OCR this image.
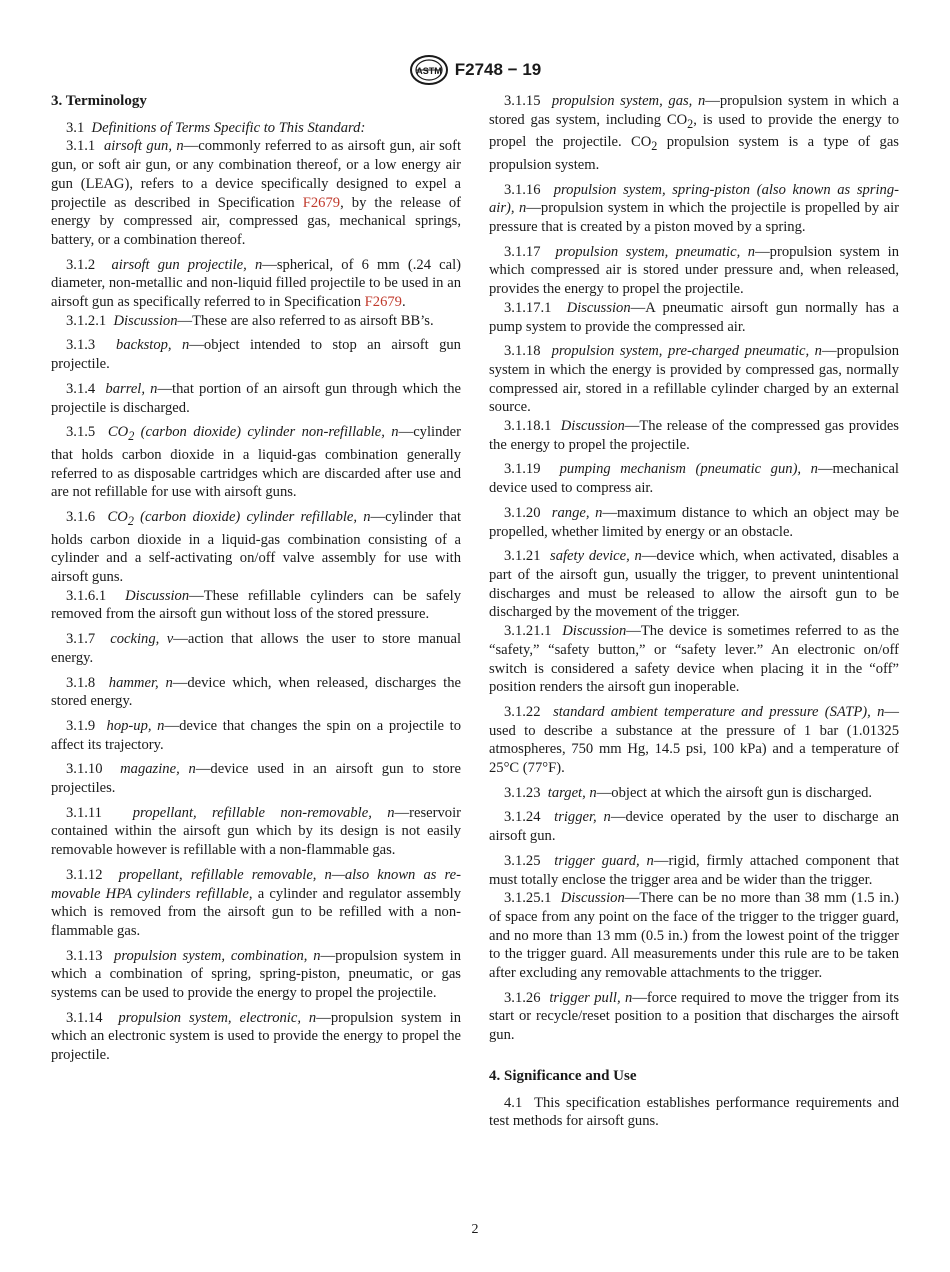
ASTM F2748 − 19

3. Terminology

3.1 Definitions of Terms Specific to This Standard:

3.1.1 airsoft gun, n—commonly referred to as airsoft gun, air soft gun, or soft air gun, or any combination thereof, or a low energy air gun (LEAG), refers to a device specifically designed to expel a projectile as described in Specification F2679, by the release of energy by compressed air, compressed gas, mechanical springs, battery, or a combination thereof.

3.1.2 airsoft gun projectile, n—spherical, of 6 mm (.24 cal) diameter, non-metallic and non-liquid filled projectile to be used in an airsoft gun as specifically referred to in Specification F2679.

3.1.2.1 Discussion—These are also referred to as airsoft BB’s.

3.1.3 backstop, n—object intended to stop an airsoft gun projectile.

3.1.4 barrel, n—that portion of an airsoft gun through which the projectile is discharged.

3.1.5 $CO_2$ (carbon dioxide) cylinder non-refillable, n—cylinder that holds carbon dioxide in a liquid-gas combination generally referred to as disposable cartridges which are discarded after use and are not refillable for use with airsoft guns.

3.1.6 $CO_2$ (carbon dioxide) cylinder refillable, n—cylinder that holds carbon dioxide in a liquid-gas combination consisting of a cylinder and a self-activating on/off valve assembly for use with airsoft guns.

3.1.6.1 Discussion—These refillable cylinders can be safely removed from the airsoft gun without loss of the stored pressure.

3.1.7 cocking, v—action that allows the user to store manual energy.

3.1.8 hammer, n—device which, when released, discharges the stored energy.

3.1.9 hop-up, n—device that changes the spin on a projectile to affect its trajectory.

3.1.10 magazine, n—device used in an airsoft gun to store projectiles.

3.1.11 propellant, refillable non-removable, n—reservoir contained within the airsoft gun which by its design is not easily removable however is refillable with a non-flammable gas.

3.1.12 propellant, refillable removable, n—also known as re-movable HPA cylinders refillable, a cylinder and regulator assembly which is removed from the airsoft gun to be refilled with a non-flammable gas.

3.1.13 propulsion system, combination, n—propulsion system in which a combination of spring, spring-piston, pneumatic, or gas systems can be used to provide the energy to propel the projectile.

3.1.14 propulsion system, electronic, n—propulsion system in which an electronic system is used to provide the energy to propel the projectile.

3.1.15 propulsion system, gas, n—propulsion system in which a stored gas system, including $CO_2$, is used to provide the energy to propel the projectile. $CO_2$ propulsion system is a type of gas propulsion system.

3.1.16 propulsion system, spring-piston (also known as spring-air), n—propulsion system in which the projectile is propelled by air pressure that is created by a piston moved by a spring.

3.1.17 propulsion system, pneumatic, n—propulsion system in which compressed air is stored under pressure and, when released, provides the energy to propel the projectile.

3.1.17.1 Discussion—A pneumatic airsoft gun normally has a pump system to provide the compressed air.

3.1.18 propulsion system, pre-charged pneumatic, n—propulsion system in which the energy is provided by compressed gas, normally compressed air, stored in a refillable cylinder charged by an external source.

3.1.18.1 Discussion—The release of the compressed gas provides the energy to propel the projectile.

3.1.19 pumping mechanism (pneumatic gun), n—mechanical device used to compress air.

3.1.20 range, n—maximum distance to which an object may be propelled, whether limited by energy or an obstacle.

3.1.21 safety device, n—device which, when activated, disables a part of the airsoft gun, usually the trigger, to prevent unintentional discharges and must be released to allow the airsoft gun to be discharged by the movement of the trigger.

3.1.21.1 Discussion—The device is sometimes referred to as the “safety,” “safety button,” or “safety lever.” An electronic on/off switch is considered a safety device when placing it in the “off” position renders the airsoft gun inoperable.

3.1.22 standard ambient temperature and pressure (SATP), n—used to describe a substance at the pressure of 1 bar (1.01325 atmospheres, 750 mm Hg, 14.5 psi, 100 kPa) and a temperature of 25°C (77°F).

3.1.23 target, n—object at which the airsoft gun is discharged.

3.1.24 trigger, n—device operated by the user to discharge an airsoft gun.

3.1.25 trigger guard, n—rigid, firmly attached component that must totally enclose the trigger area and be wider than the trigger.

3.1.25.1 Discussion—There can be no more than 38 mm (1.5 in.) of space from any point on the face of the trigger to the trigger guard, and no more than 13 mm (0.5 in.) from the lowest point of the trigger to the trigger guard. All measurements under this rule are to be taken after excluding any removable attachments to the trigger.

3.1.26 trigger pull, n—force required to move the trigger from its start or recycle/reset position to a position that discharges the airsoft gun.

4. Significance and Use

4.1 This specification establishes performance requirements and test methods for airsoft guns.

2
